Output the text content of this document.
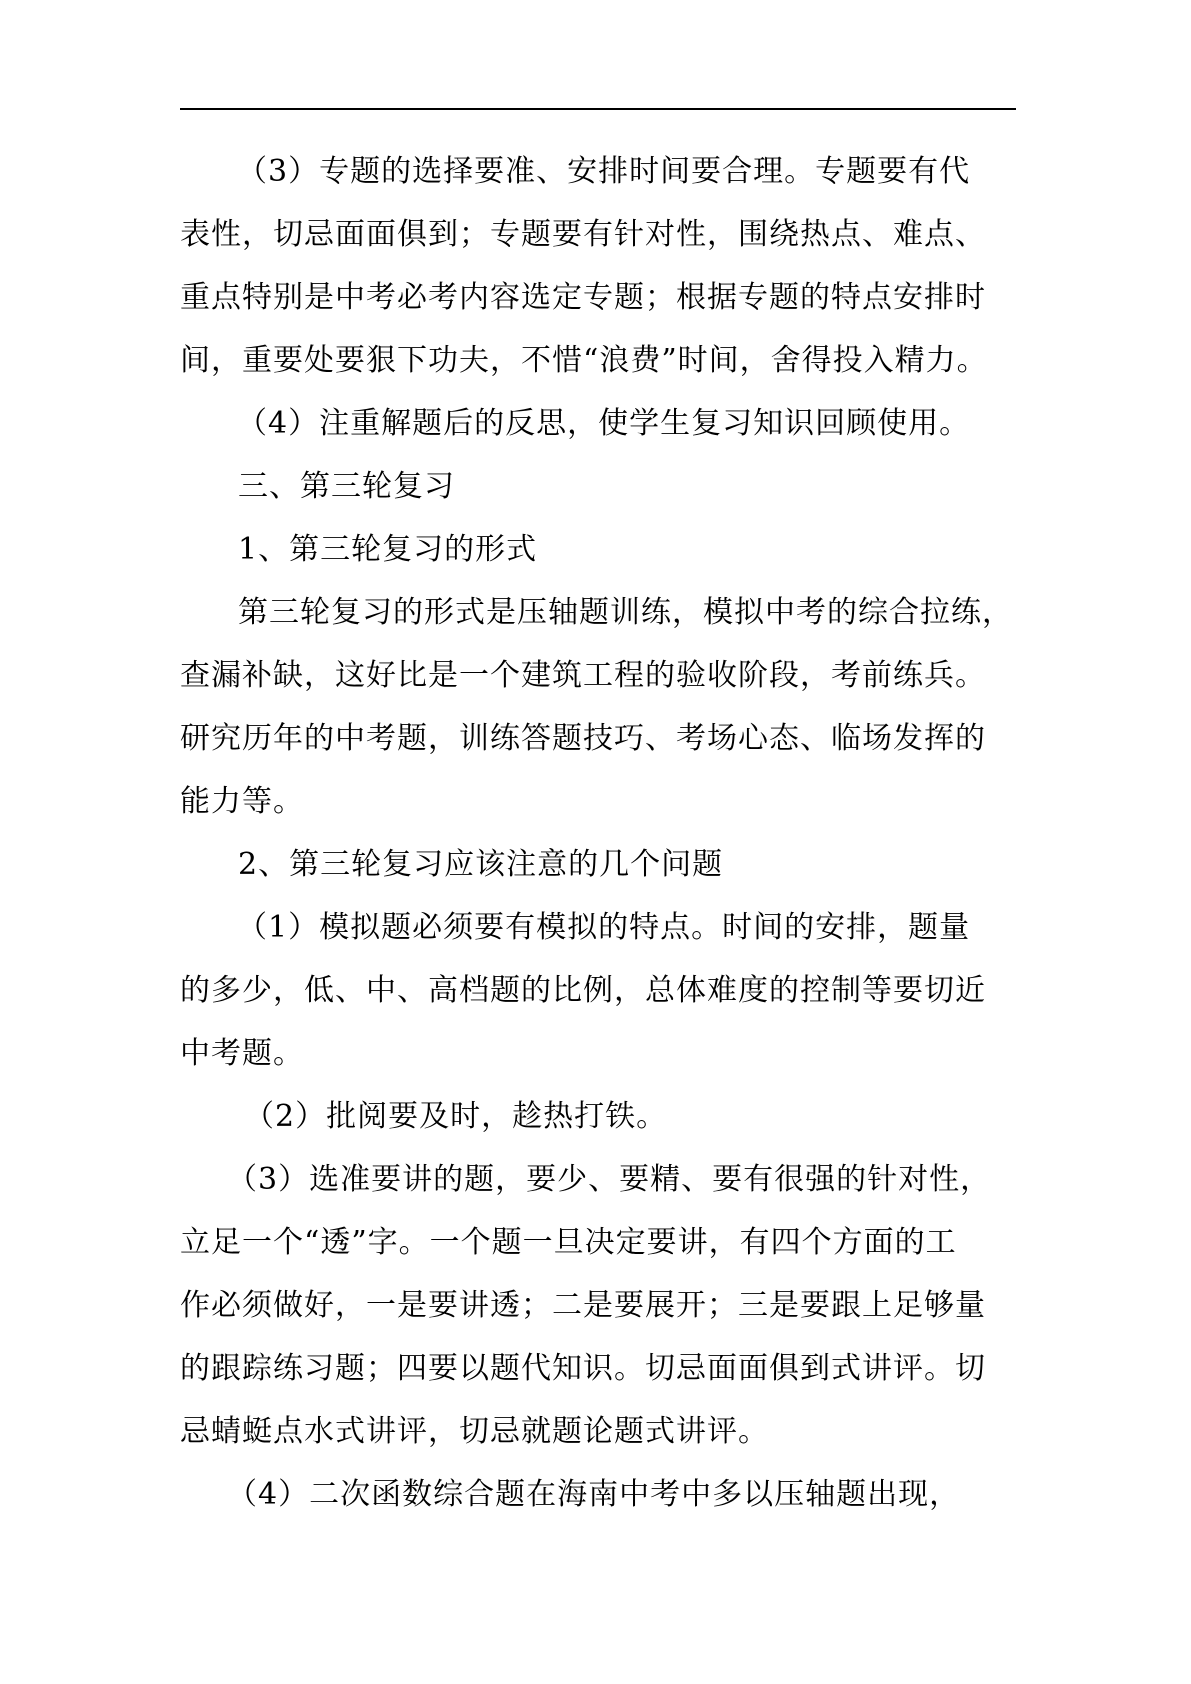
（3）专题的选择要准、安排时间要合理。专题要有代
表性，切忌面面俱到；专题要有针对性，围绕热点、难点、
重点特别是中考必考内容选定专题；根据专题的特点安排时
间，重要处要狠下功夫，不惜“浪费”时间，舍得投入精力。
（4）注重解题后的反思，使学生复习知识回顾使用。
三、第三轮复习
1、第三轮复习的形式
第三轮复习的形式是压轴题训练，模拟中考的综合拉练，
查漏补缺，这好比是一个建筑工程的验收阶段，考前练兵。
研究历年的中考题，训练答题技巧、考场心态、临场发挥的
能力等。
2、第三轮复习应该注意的几个问题
（1）模拟题必须要有模拟的特点。时间的安排，题量
的多少，低、中、高档题的比例，总体难度的控制等要切近
中考题。
（2）批阅要及时，趁热打铁。
（3）选准要讲的题，要少、要精、要有很强的针对性，
立足一个“透”字。一个题一旦决定要讲，有四个方面的工
作必须做好，一是要讲透；二是要展开；三是要跟上足够量
的跟踪练习题；四要以题代知识。切忌面面俱到式讲评。切
忌蜻蜓点水式讲评，切忌就题论题式讲评。
（4）二次函数综合题在海南中考中多以压轴题出现，
